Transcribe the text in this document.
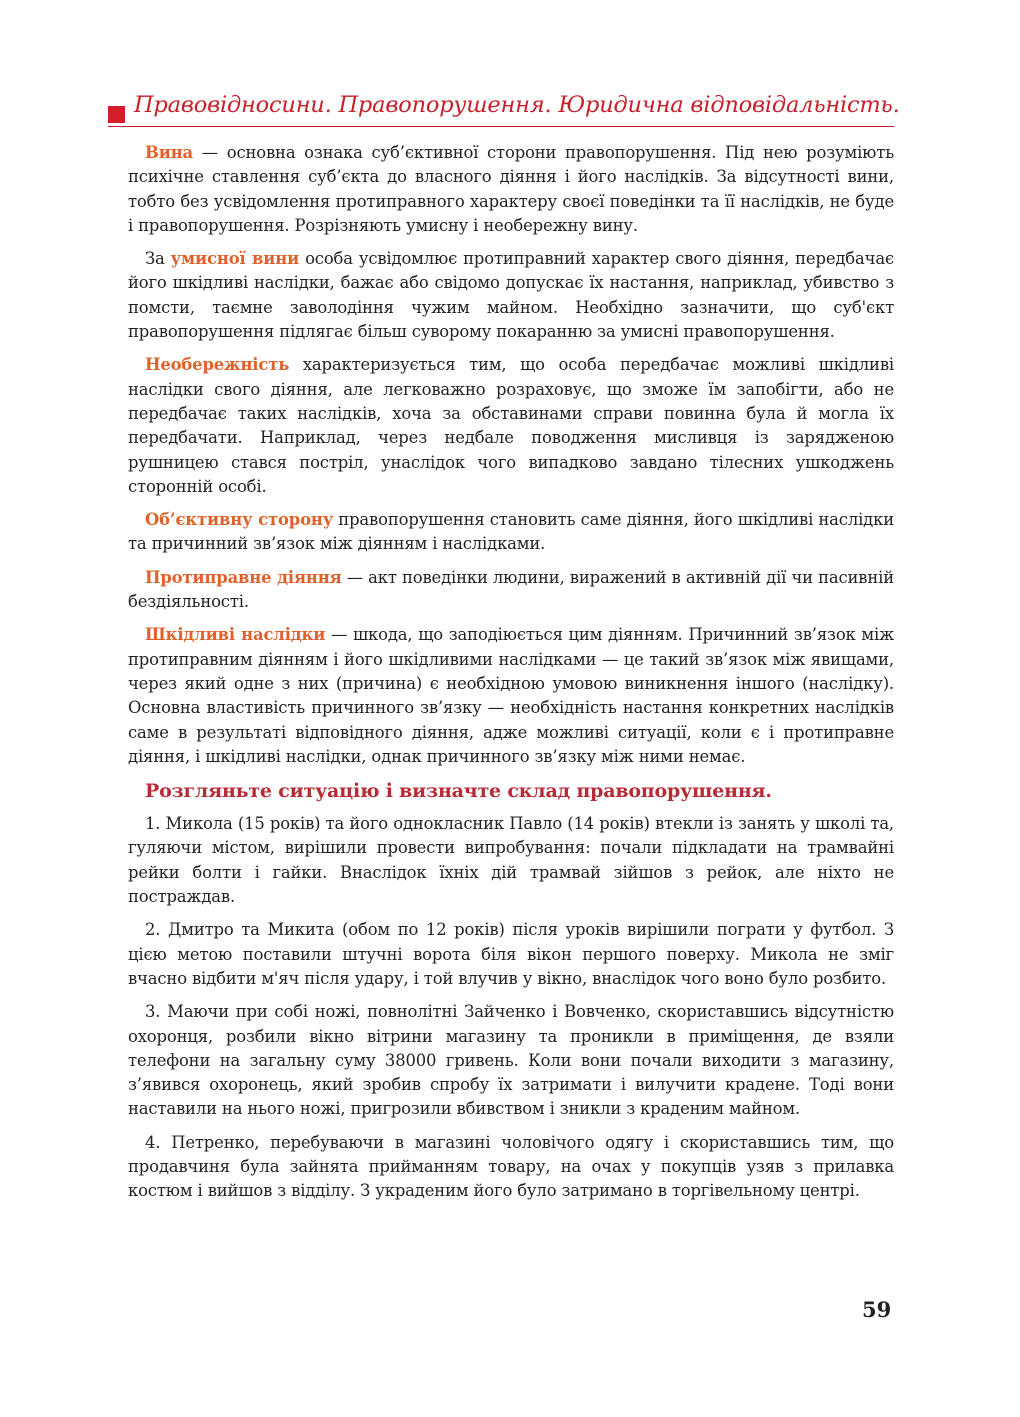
Правовідносини. Правопорушення. Юридична відповідальність.

Вина — основна ознака суб’єктивної сторони правопорушення. Під нею розуміють психічне ставлення суб’єкта до власного діяння і його наслідків. За відсутності вини, тобто без усвідомлення протиправного характеру своєї поведінки та її наслідків, не буде і правопорушення. Розрізняють умисну і необережну вину.

За умисної вини особа усвідомлює протиправний характер свого діяння, передбачає його шкідливі наслідки, бажає або свідомо допускає їх настання, наприклад, убивство з помсти, таємне заволодіння чужим майном. Необхідно зазначити, що суб'єкт правопорушення підлягає більш суворому покаранню за умисні правопорушення.

Необережність характеризується тим, що особа передбачає можливі шкідливі наслідки свого діяння, але легковажно розраховує, що зможе їм запобігти, або не передбачає таких наслідків, хоча за обставинами справи повинна була й могла їх передбачати. Наприклад, через недбале поводження мисливця із зарядженою рушницею стався постріл, унаслідок чого випадково завдано тілесних ушкоджень сторонній особі.

Об’єктивну сторону правопорушення становить саме діяння, його шкідливі наслідки та причинний зв’язок між діянням і наслідками.

Протиправне діяння — акт поведінки людини, виражений в активній дії чи пасивній бездіяльності.

Шкідливі наслідки — шкода, що заподіюється цим діянням. Причинний зв’язок між протиправним діянням і його шкідливими наслідками — це такий зв’язок між явищами, через який одне з них (причина) є необхідною умовою виникнення іншого (наслідку). Основна властивість причинного зв’язку — необхідність настання конкретних наслідків саме в результаті відповідного діяння, адже можливі ситуації, коли є і протиправне діяння, і шкідливі наслідки, однак причинного зв’язку між ними немає.

Розгляньте ситуацію і визначте склад правопорушення.

1. Микола (15 років) та його однокласник Павло (14 років) втекли із занять у школі та, гуляючи містом, вирішили провести випробування: почали підкладати на трамвайні рейки болти і гайки. Внаслідок їхніх дій трамвай зійшов з рейок, але ніхто не постраждав.

2. Дмитро та Микита (обом по 12 років) після уроків вирішили пограти у футбол. З цією метою поставили штучні ворота біля вікон першого поверху. Микола не зміг вчасно відбити м'яч після удару, і той влучив у вікно, внаслідок чого воно було розбито.

3. Маючи при собі ножі, повнолітні Зайченко і Вовченко, скориставшись відсутністю охоронця, розбили вікно вітрини магазину та проникли в приміщення, де взяли телефони на загальну суму 38000 гривень. Коли вони почали виходити з магазину, з’явився охоронець, який зробив спробу їх затримати і вилучити крадене. Тоді вони наставили на нього ножі, пригрозили вбивством і зникли з краденим майном.

4. Петренко, перебуваючи в магазині чоловічого одягу і скориставшись тим, що продавчиня була зайнята прийманням товару, на очах у покупців узяв з прилавка костюм і вийшов з відділу. З украденим його було затримано в торгівельному центрі.

59
